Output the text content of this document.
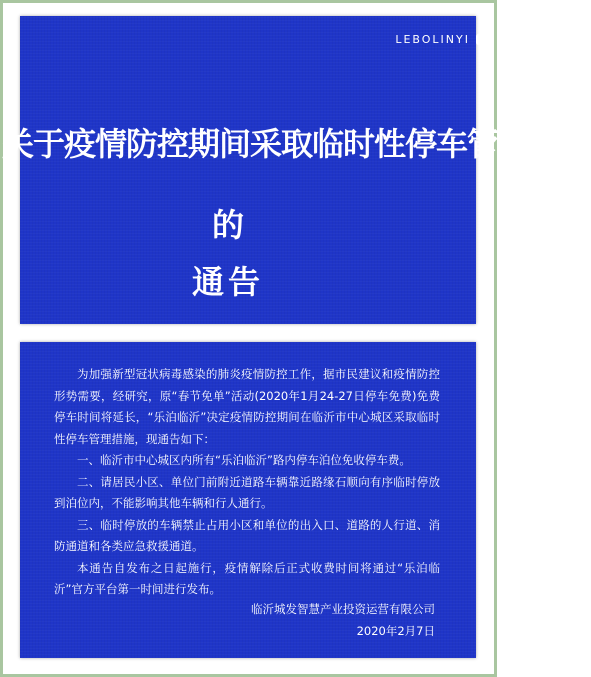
LEBOLINYI
关于疫情防控期间采取临时性停车管理措施
的
通告

为加强新型冠状病毒感染的肺炎疫情防控工作，据市民建议和疫情防控形势需要，经研究，原“春节免单”活动(2020年1月24-27日停车免费)免费停车时间将延长，“乐泊临沂”决定疫情防控期间在临沂市中心城区采取临时性停车管理措施，现通告如下：

一、临沂市中心城区内所有“乐泊临沂”路内停车泊位免收停车费。

二、请居民小区、单位门前附近道路车辆靠近路缘石顺向有序临时停放到泊位内，不能影响其他车辆和行人通行。

三、临时停放的车辆禁止占用小区和单位的出入口、道路的人行道、消防通道和各类应急救援通道。

本通告自发布之日起施行，疫情解除后正式收费时间将通过“乐泊临沂”官方平台第一时间进行发布。

临沂城发智慧产业投资运营有限公司
2020年2月7日
